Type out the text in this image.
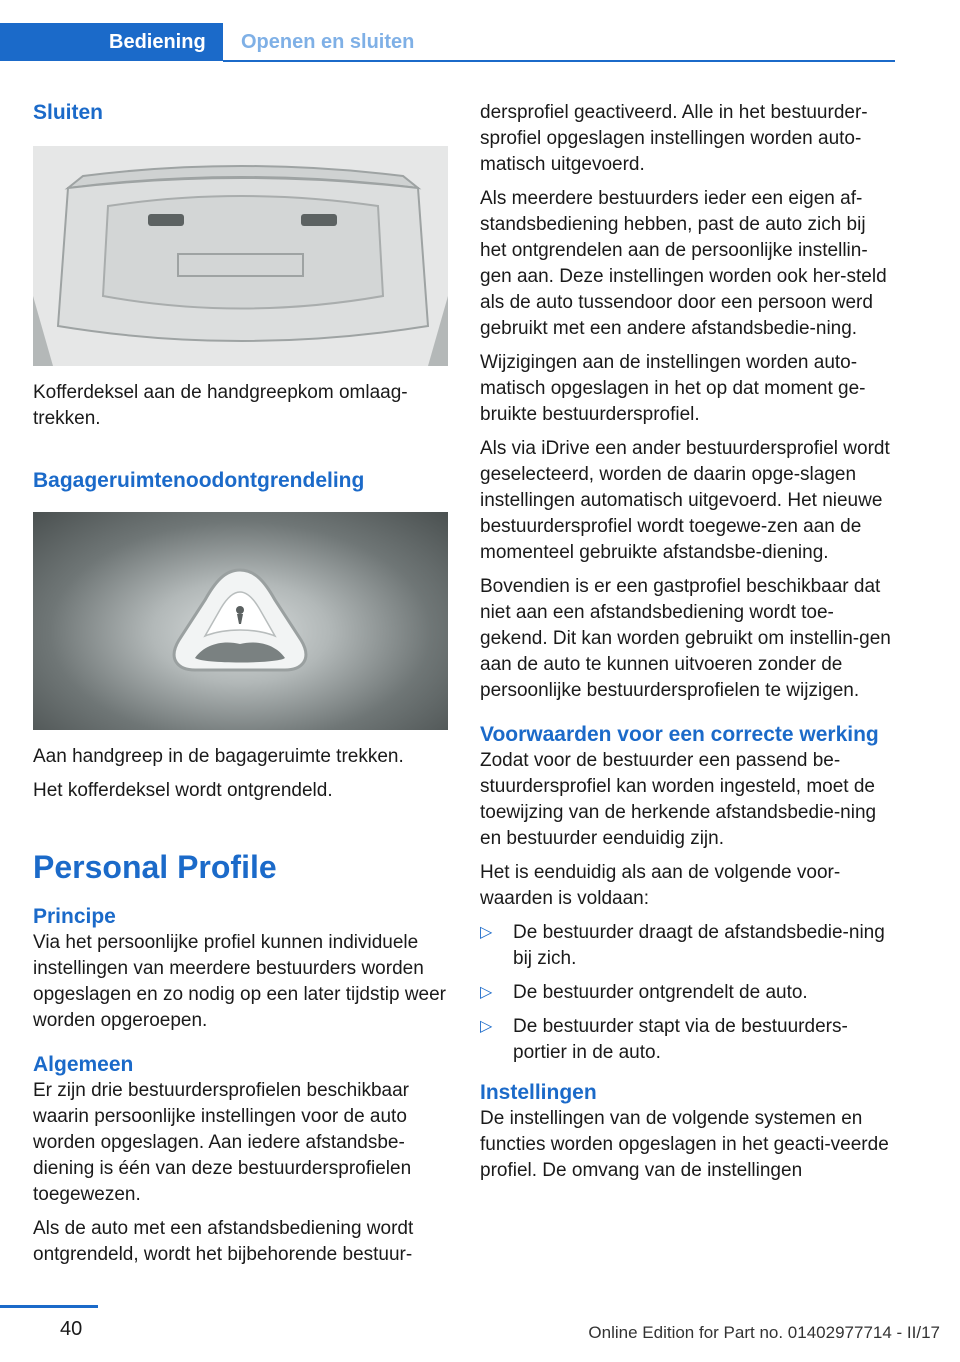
Bediening	Openen en sluiten
Sluiten

Kofferdeksel aan de handgreepkom omlaag-trekken.

Bagageruimtenoodontgrendeling

Aan handgreep in de bagageruimte trekken.

Het kofferdeksel wordt ontgrendeld.

Personal Profile
Principe

Via het persoonlijke profiel kunnen individuele instellingen van meerdere bestuurders worden opgeslagen en zo nodig op een later tijdstip weer worden opgeroepen.

Algemeen

Er zijn drie bestuurdersprofielen beschikbaar waarin persoonlijke instellingen voor de auto worden opgeslagen. Aan iedere afstandsbe-diening is één van deze bestuurdersprofielen toegewezen.

Als de auto met een afstandsbediening wordt ontgrendeld, wordt het bijbehorende bestuur-

dersprofiel geactiveerd. Alle in het bestuurder-sprofiel opgeslagen instellingen worden auto-matisch uitgevoerd.

Als meerdere bestuurders ieder een eigen af-standsbediening hebben, past de auto zich bij het ontgrendelen aan de persoonlijke instellin-gen aan. Deze instellingen worden ook her-steld als de auto tussendoor door een persoon werd gebruikt met een andere afstandsbedie-ning.

Wijzigingen aan de instellingen worden auto-matisch opgeslagen in het op dat moment ge-bruikte bestuurdersprofiel.

Als via iDrive een ander bestuurdersprofiel wordt geselecteerd, worden de daarin opge-slagen instellingen automatisch uitgevoerd. Het nieuwe bestuurdersprofiel wordt toegewe-zen aan de momenteel gebruikte afstandsbe-diening.

Bovendien is er een gastprofiel beschikbaar dat niet aan een afstandsbediening wordt toe-gekend. Dit kan worden gebruikt om instellin-gen aan de auto te kunnen uitvoeren zonder de persoonlijke bestuurdersprofielen te wijzigen.

Voorwaarden voor een correcte werking

Zodat voor de bestuurder een passend be-stuurdersprofiel kan worden ingesteld, moet de toewijzing van de herkende afstandsbedie-ning en bestuurder eenduidig zijn.

Het is eenduidig als aan de volgende voor-waarden is voldaan:

▷ De bestuurder draagt de afstandsbedie-ning bij zich.
▷ De bestuurder ontgrendelt de auto.
▷ De bestuurder stapt via de bestuurders-portier in de auto.
Instellingen

De instellingen van de volgende systemen en functies worden opgeslagen in het geacti-veerde profiel. De omvang van de instellingen

40	Online Edition for Part no. 01402977714 - II/17
